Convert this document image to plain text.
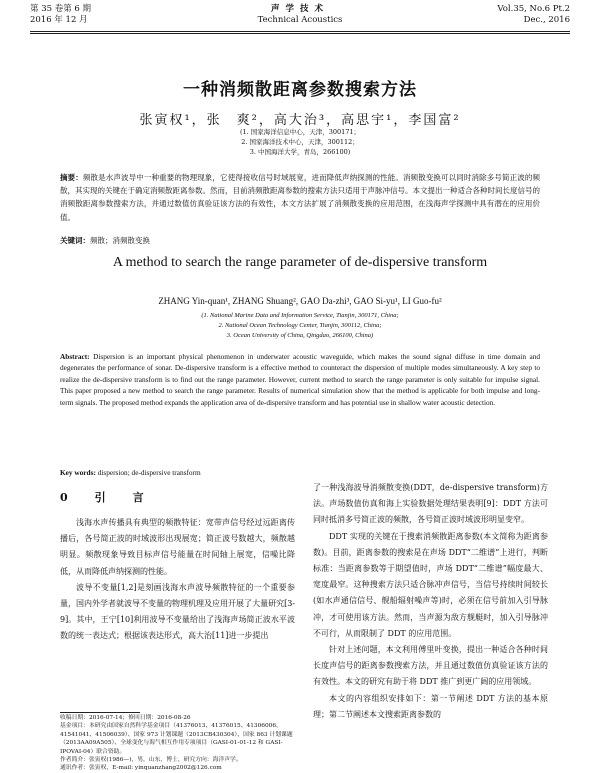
第 35 卷第 6 期
2016 年 12 月
声学技术
Technical Acoustics
Vol.35, No.6 Pt.2
Dec., 2016
一种消频散距离参数搜索方法
张寅权¹，张　爽²，高大治³，高思宇¹，李国富²
(1. 国家海洋信息中心，天津，300171；
2. 国家海洋技术中心，天津，300112；
3. 中国海洋大学，青岛，266100)
摘要：频散是水声波导中一种重要的物理现象，它使得接收信号时域展宽，进而降低声纳探测的性能。消频散变换可以同时消除多号简正波的频散，其实现的关键在于确定消频散距离参数。然而，目前消频散距离参数的搜索方法只适用于声脉冲信号。本文提出一种适合各种时间长度信号的消频散距离参数搜索方法，并通过数值仿真验证该方法的有效性，本文方法扩展了消频散变换的应用范围，在浅海声学探测中具有潜在的应用价值。
关键词：频散；消频散变换
A method to search the range parameter of de-dispersive transform
ZHANG Yin-quan¹, ZHANG Shuang², GAO Da-zhi³, GAO Si-yu¹, LI Guo-fu²
(1. National Marine Data and Information Service, Tianjin, 300171, China;
2. National Ocean Technology Center, Tianjin, 300112, China;
3. Ocean University of China, Qingdao, 266100, China)
Abstract: Dispersion is an important physical phenomenon in underwater acoustic waveguide, which makes the sound signal diffuse in time domain and degenerates the performance of sonar. De-dispersive transform is a effective method to counteract the dispersion of multiple modes simultaneously. A key step to realize the de-dispersive transform is to find out the range parameter. However, current method to search the range parameter is only suitable for impulse signal. This paper proposed a new method to search the range parameter. Results of numerical simulation show that the method is applicable for both impulse and long-term signals. The proposed method expands the application area of de-dispersive transform and has potential use in shallow water acoustic detection.
Key words: dispersion; de-dispersive transform
0　引　言

浅海水声传播具有典型的频散特征：宽带声信号经过远距离传播后，各号简正波的时域波形出现展宽；简正波号数越大，频散越明显。频散现象导致目标声信号能量在时间轴上展宽，信噪比降低，从而降低声纳探测的性能。

波导不变量[1,2]是刻画浅海水声波导频散特征的一个重要参量，国内外学者就波导不变量的物理机理及应用开展了大量研究[3-9]。其中，王宁[10]利用波导不变量给出了浅海声场简正波水平波数的统一表达式；根据该表达形式，高大治[11]进一步提出

了一种浅海波导消频散变换(DDT，de-dispersive transform)方法。声场数值仿真和海上实验数据处理结果表明[9]：DDT 方法可同时抵消多号简正波的频散，各号简正波时域波形明显变窄。

DDT 实现的关键在于搜索消频散距离参数(本文简称为距离参数)。目前，距离参数的搜索是在声场 DDT“二维谱”上进行，判断标准：当距离参数等于期望值时，声场 DDT“二维谱”幅度最大、宽度最窄。这种搜索方法只适合脉冲声信号，当信号持续时间较长(如水声通信信号、舰船辐射噪声等)时，必须在信号前加入引导脉冲，才可使用该方法。然而，当声源为敌方舰艇时，加入引导脉冲不可行，从而限制了 DDT 的应用范围。

针对上述问题，本文利用傅里叶变换，提出一种适合各种时间长度声信号的距离参数搜索方法，并且通过数值仿真验证该方法的有效性。本文的研究有助于将 DDT 推广到更广阔的应用领域。

本文的内容组织安排如下：第一节阐述 DDT 方法的基本原理；第二节阐述本文搜索距离参数的

收稿日期：2016-07-14；修回日期：2016-08-26
基金项目：本研究由国家自然科学基金项目（41376013、41376015、41306006、41541041、41506039）、国家 973 计划课题（2013CB430304）、国家 863 计划课题（2013AA09A505）、全球变化与海气相互作用专项项目（GASI-01-01-12 和 GASI-IPOVAI-04）联合资助。
作者简介：张寅权(1986—)，男，山东，博士，研究方向：海洋声学。
通讯作者：张寅权，E-mail: yinquanzhang2002@126.com
